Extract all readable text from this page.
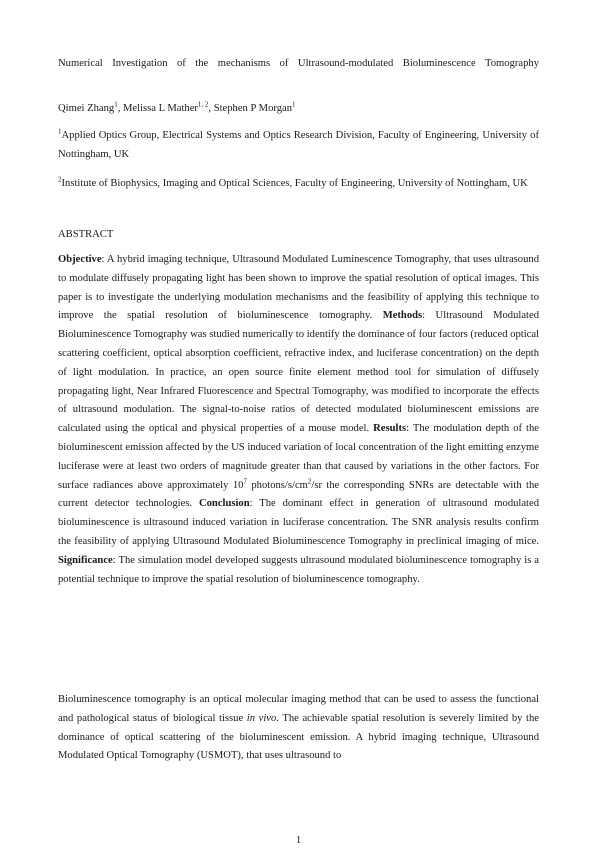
Numerical Investigation of the mechanisms of Ultrasound-modulated Bioluminescence Tomography

Qimei Zhang$^1$, Melissa L Mather$^{1, 2}$, Stephen P Morgan$^1$

$^1$Applied Optics Group, Electrical Systems and Optics Research Division, Faculty of Engineering, University of Nottingham, UK

$^2$Institute of Biophysics, Imaging and Optical Sciences, Faculty of Engineering, University of Nottingham, UK

ABSTRACT

Objective: A hybrid imaging technique, Ultrasound Modulated Luminescence Tomography, that uses ultrasound to modulate diffusely propagating light has been shown to improve the spatial resolution of optical images. This paper is to investigate the underlying modulation mechanisms and the feasibility of applying this technique to improve the spatial resolution of bioluminescence tomography. Methods: Ultrasound Modulated Bioluminescence Tomography was studied numerically to identify the dominance of four factors (reduced optical scattering coefficient, optical absorption coefficient, refractive index, and luciferase concentration) on the depth of light modulation. In practice, an open source finite element method tool for simulation of diffusely propagating light, Near Infrared Fluorescence and Spectral Tomography, was modified to incorporate the effects of ultrasound modulation. The signal-to-noise ratios of detected modulated bioluminescent emissions are calculated using the optical and physical properties of a mouse model. Results: The modulation depth of the bioluminescent emission affected by the US induced variation of local concentration of the light emitting enzyme luciferase were at least two orders of magnitude greater than that caused by variations in the other factors. For surface radiances above approximately $10^7$ photons/$s/cm^2/sr$ the corresponding SNRs are detectable with the current detector technologies. Conclusion: The dominant effect in generation of ultrasound modulated bioluminescence is ultrasound induced variation in luciferase concentration. The SNR analysis results confirm the feasibility of applying Ultrasound Modulated Bioluminescence Tomography in preclinical imaging of mice. Significance: The simulation model developed suggests ultrasound modulated bioluminescence tomography is a potential technique to improve the spatial resolution of bioluminescence tomography.

Bioluminescence tomography is an optical molecular imaging method that can be used to assess the functional and pathological status of biological tissue in vivo. The achievable spatial resolution is severely limited by the dominance of optical scattering of the bioluminescent emission. A hybrid imaging technique, Ultrasound Modulated Optical Tomography (USMOT), that uses ultrasound to

1
